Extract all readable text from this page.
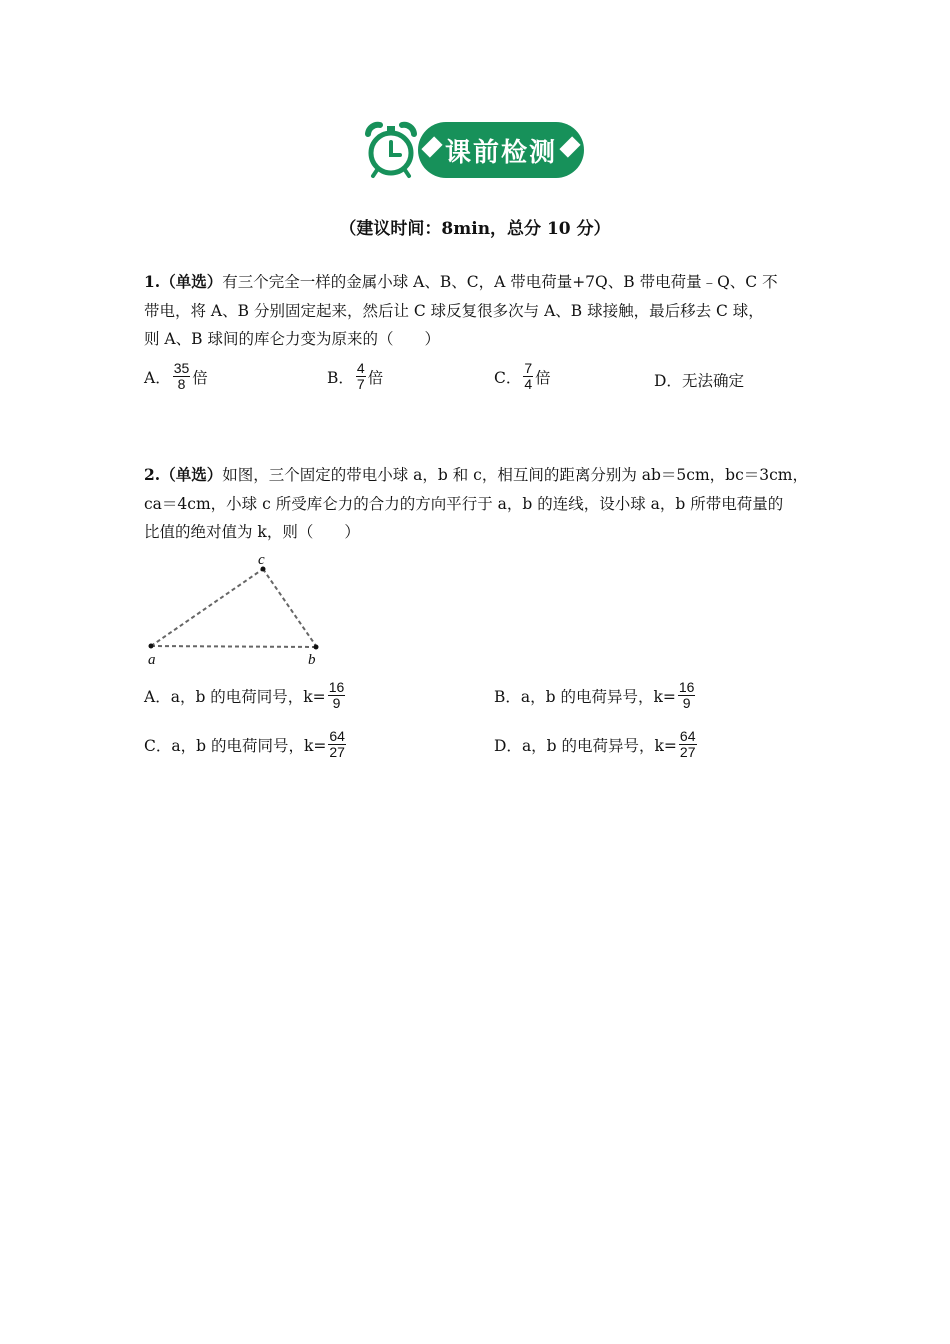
课前检测
（建议时间：8min，总分 10 分）
1.（单选）有三个完全一样的金属小球 A、B、C，A 带电荷量+7Q、B 带电荷量﹣Q、C 不
带电，将 A、B 分别固定起来，然后让 C 球反复很多次与 A、B 球接触，最后移去 C 球，
则 A、B 球间的库仑力变为原来的（　　）
A． $\frac{35}{8}$ 倍	B． $\frac{4}{7}$ 倍	C． $\frac{7}{4}$ 倍	D． 无法确定
2.（单选）如图，三个固定的带电小球 a，b 和 c，相互间的距离分别为 ab＝5cm，bc＝3cm，
ca＝4cm，小球 c 所受库仑力的合力的方向平行于 a，b 的连线，设小球 a，b 所带电荷量的
比值的绝对值为 k，则（　　）
a	b
c
A． a，b 的电荷同号，$k= \frac{16}{9}$	B． a，b 的电荷异号，$k= \frac{16}{9}$
C． a，b 的电荷同号，$k= \frac{64}{27}$	D． a，b 的电荷异号，$k= \frac{64}{27}$
